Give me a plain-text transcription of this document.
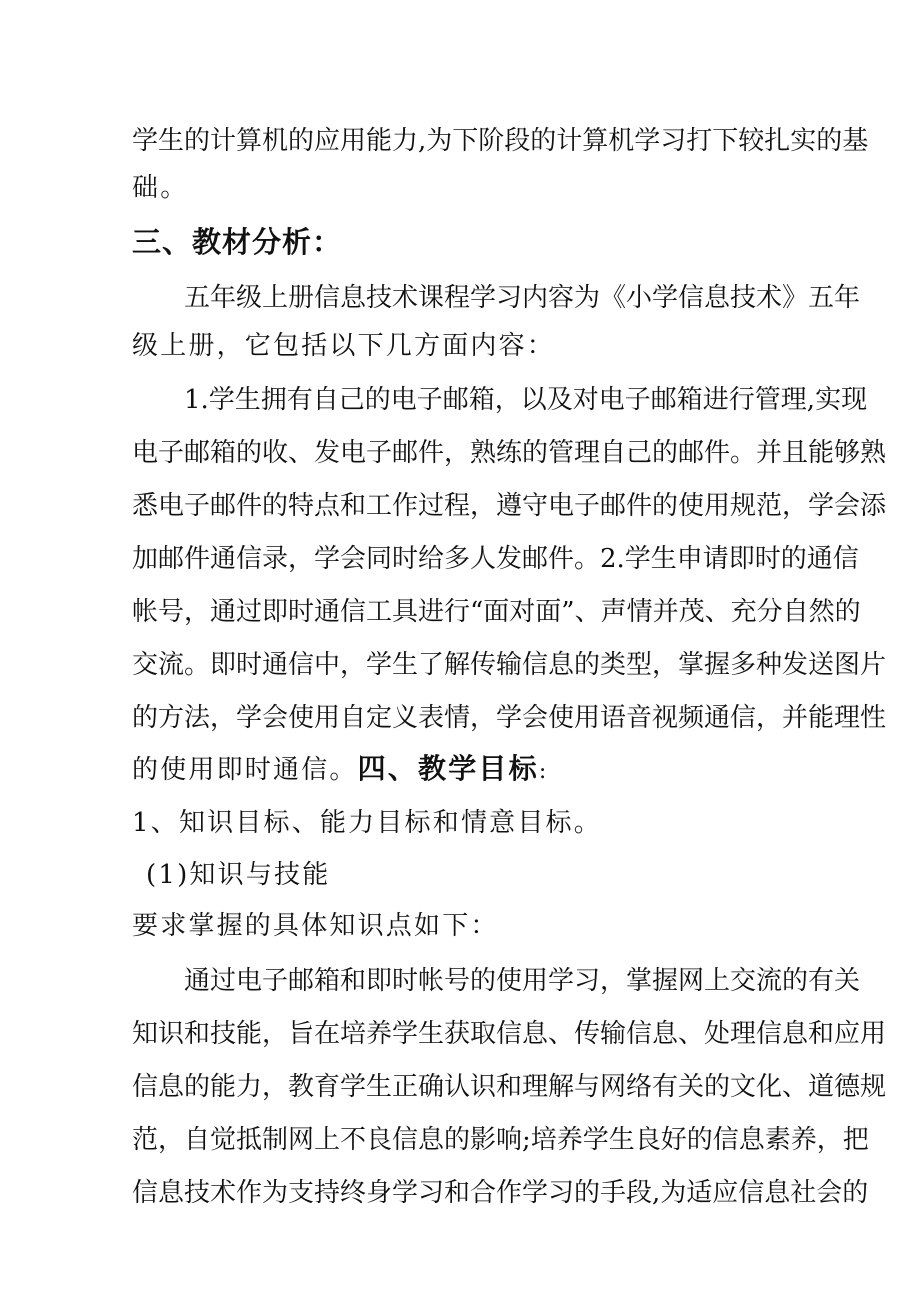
学生的计算机的应用能力,为下阶段的计算机学习打下较扎实的基
础。
三、教材分析：
五年级上册信息技术课程学习内容为《小学信息技术》五年
级上册，它包括以下几方面内容：
1.学生拥有自己的电子邮箱，以及对电子邮箱进行管理,实现
电子邮箱的收、发电子邮件，熟练的管理自己的邮件。并且能够熟
悉电子邮件的特点和工作过程，遵守电子邮件的使用规范，学会添
加邮件通信录，学会同时给多人发邮件。2.学生申请即时的通信
帐号，通过即时通信工具进行“面对面”、声情并茂、充分自然的
交流。即时通信中，学生了解传输信息的类型，掌握多种发送图片
的方法，学会使用自定义表情，学会使用语音视频通信，并能理性
的使用即时通信。四、教学目标:
1、知识目标、能力目标和情意目标。
(1)知识与技能
要求掌握的具体知识点如下：
通过电子邮箱和即时帐号的使用学习，掌握网上交流的有关
知识和技能，旨在培养学生获取信息、传输信息、处理信息和应用
信息的能力，教育学生正确认识和理解与网络有关的文化、道德规
范，自觉抵制网上不良信息的影响;培养学生良好的信息素养，把
信息技术作为支持终身学习和合作学习的手段,为适应信息社会的
